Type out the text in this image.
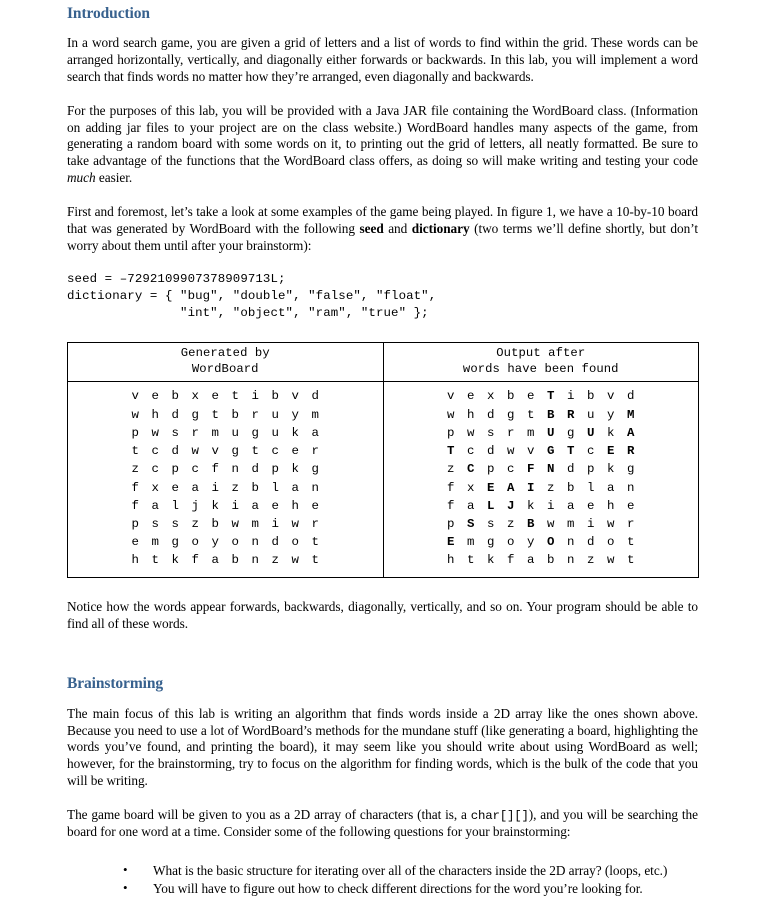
Introduction

In a word search game, you are given a grid of letters and a list of words to find within the grid. These words can be arranged horizontally, vertically, and diagonally either forwards or backwards. In this lab, you will implement a word search that finds words no matter how they’re arranged, even diagonally and backwards.

For the purposes of this lab, you will be provided with a Java JAR file containing the WordBoard class. (Information on adding jar files to your project are on the class website.) WordBoard handles many aspects of the game, from generating a random board with some words on it, to printing out the grid of letters, all neatly formatted. Be sure to take advantage of the functions that the WordBoard class offers, as doing so will make writing and testing your code much easier.

First and foremost, let’s take a look at some examples of the game being played. In figure 1, we have a 10-by-10 board that was generated by WordBoard with the following seed and dictionary (two terms we’ll define shortly, but don’t worry about them until after your brainstorm):

seed = –7292109907378909713L;
dictionary = { "bug", "double", "false", "float",
"int", "object", "ram", "true" };
Generated by
WordBoard

Output after
words have been found

v e b x e t i b v d
w h d g t b r u y m
p w s r m u g u k a
t c d w v g t c e r
z c p c f n d p k g
f x e a i z b l a n
f a l j k i a e h e
p s s z b w m i w r
e m g o y o n d o t
h t k f a b n z w t

v e x b e T i b v d
w h d g t B R u y M
p w s r m U g U k A
T c d w v G T c E R
z C p c F N d p k g
f x E A I z b l a n
f a L J k i a e h e
p S s z B w m i w r
E m g o y O n d o t
h t k f a b n z w t

Notice how the words appear forwards, backwards, diagonally, vertically, and so on. Your program should be able to find all of these words.

Brainstorming

The main focus of this lab is writing an algorithm that finds words inside a 2D array like the ones shown above. Because you need to use a lot of WordBoard’s methods for the mundane stuff (like generating a board, highlighting the words you’ve found, and printing the board), it may seem like you should write about using WordBoard as well; however, for the brainstorming, try to focus on the algorithm for finding words, which is the bulk of the code that you will be writing.

The game board will be given to you as a 2D array of characters (that is, a char[][]), and you will be searching the board for one word at a time. Consider some of the following questions for your brainstorming:

• What is the basic structure for iterating over all of the characters inside the 2D array? (loops, etc.)
• You will have to figure out how to check different directions for the word you’re looking for.
